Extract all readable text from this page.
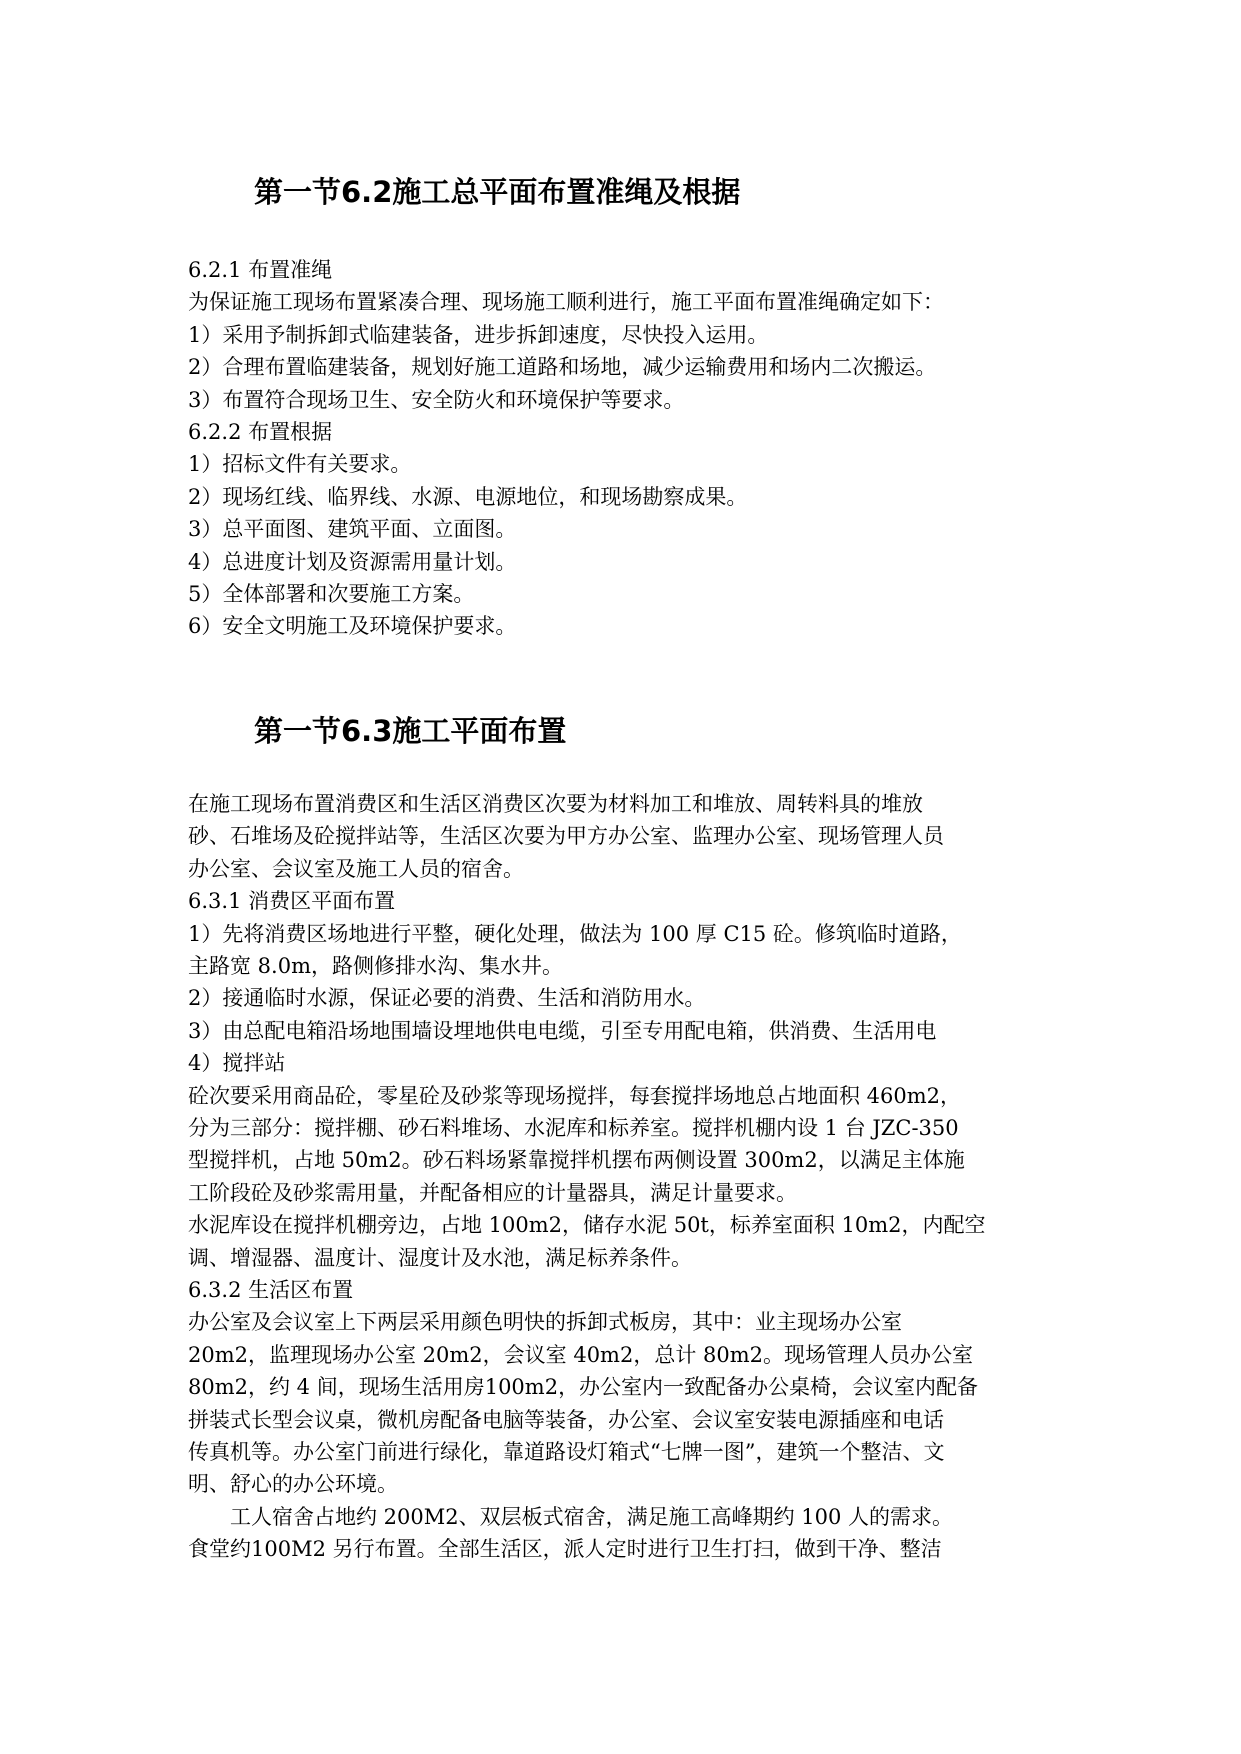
第一节6.2施工总平面布置准绳及根据
6.2.1 布置准绳
为保证施工现场布置紧凑合理、现场施工顺利进行，施工平面布置准绳确定如下：
1）采用予制拆卸式临建装备，进步拆卸速度，尽快投入运用。
2）合理布置临建装备，规划好施工道路和场地，减少运输费用和场内二次搬运。
3）布置符合现场卫生、安全防火和环境保护等要求。
6.2.2 布置根据
1）招标文件有关要求。
2）现场红线、临界线、水源、电源地位，和现场勘察成果。
3）总平面图、建筑平面、立面图。
4）总进度计划及资源需用量计划。
5）全体部署和次要施工方案。
6）安全文明施工及环境保护要求。
第一节6.3施工平面布置
在施工现场布置消费区和生活区消费区次要为材料加工和堆放、周转料具的堆放
砂、石堆场及砼搅拌站等，生活区次要为甲方办公室、监理办公室、现场管理人员
办公室、会议室及施工人员的宿舍。
6.3.1 消费区平面布置
1）先将消费区场地进行平整，硬化处理，做法为 100 厚 C15 砼。修筑临时道路，
主路宽 8.0m，路侧修排水沟、集水井。
2）接通临时水源，保证必要的消费、生活和消防用水。
3）由总配电箱沿场地围墙设埋地供电电缆，引至专用配电箱，供消费、生活用电
4）搅拌站
砼次要采用商品砼，零星砼及砂浆等现场搅拌，每套搅拌场地总占地面积 460m2，
分为三部分：搅拌棚、砂石料堆场、水泥库和标养室。搅拌机棚内设 1 台 JZC-350
型搅拌机，占地 50m2。砂石料场紧靠搅拌机摆布两侧设置 300m2，以满足主体施
工阶段砼及砂浆需用量，并配备相应的计量器具，满足计量要求。
水泥库设在搅拌机棚旁边，占地 100m2，储存水泥 50t，标养室面积 10m2，内配空
调、增湿器、温度计、湿度计及水池，满足标养条件。
6.3.2 生活区布置
办公室及会议室上下两层采用颜色明快的拆卸式板房，其中：业主现场办公室
20m2，监理现场办公室 20m2，会议室 40m2，总计 80m2。现场管理人员办公室
80m2，约 4 间，现场生活用房100m2，办公室内一致配备办公桌椅，会议室内配备
拼装式长型会议桌，微机房配备电脑等装备，办公室、会议室安装电源插座和电话
传真机等。办公室门前进行绿化，靠道路设灯箱式“七牌一图”，建筑一个整洁、文
明、舒心的办公环境。
　　工人宿舍占地约 200M2、双层板式宿舍，满足施工高峰期约 100 人的需求。
食堂约100M2 另行布置。全部生活区，派人定时进行卫生打扫，做到干净、整洁
